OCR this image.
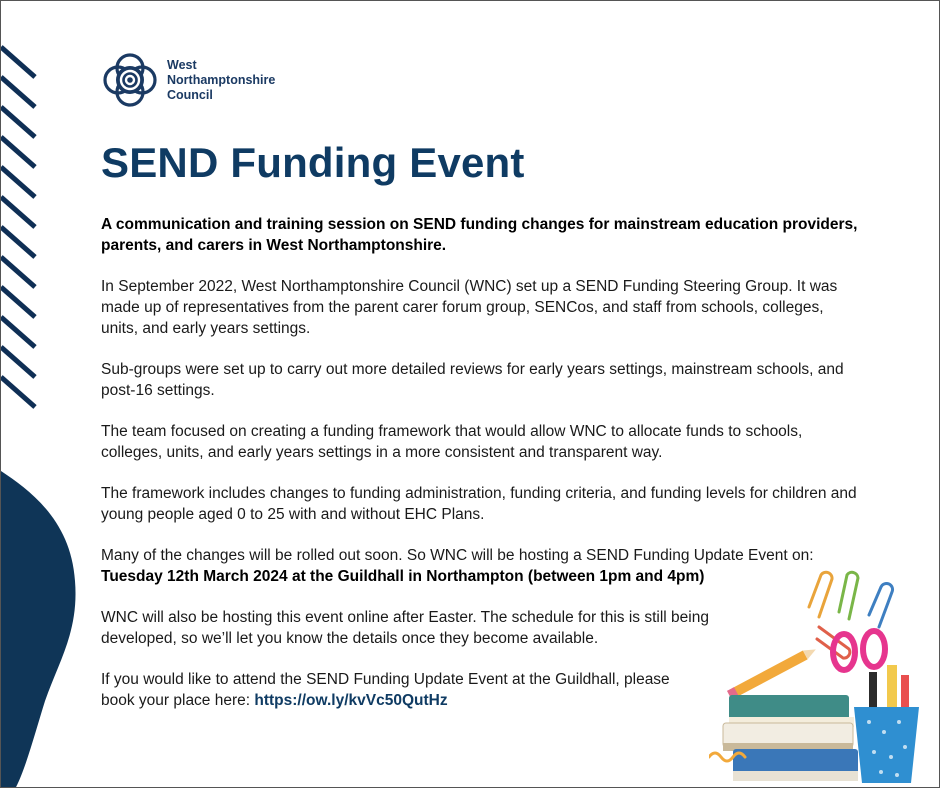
West
Northamptonshire
Council
SEND Funding Event

A communication and training session on SEND funding changes for mainstream education providers, parents, and carers in West Northamptonshire.

In September 2022, West Northamptonshire Council (WNC) set up a SEND Funding Steering Group. It was made up of representatives from the parent carer forum group, SENCos, and staff from schools, colleges, units, and early years settings.

Sub-groups were set up to carry out more detailed reviews for early years settings, mainstream schools, and post-16 settings.

The team focused on creating a funding framework that would allow WNC to allocate funds to schools, colleges, units, and early years settings in a more consistent and transparent way.

The framework includes changes to funding administration, funding criteria, and funding levels for children and young people aged 0 to 25 with and without EHC Plans.

Many of the changes will be rolled out soon. So WNC will be hosting a SEND Funding Update Event on:
Tuesday 12th March 2024 at the Guildhall in Northampton (between 1pm and 4pm)

WNC will also be hosting this event online after Easter. The schedule for this is still being developed, so we’ll let you know the details once they become available.

If you would like to attend the SEND Funding Update Event at the Guildhall, please book your place here: https://ow.ly/kvVc50QutHz
